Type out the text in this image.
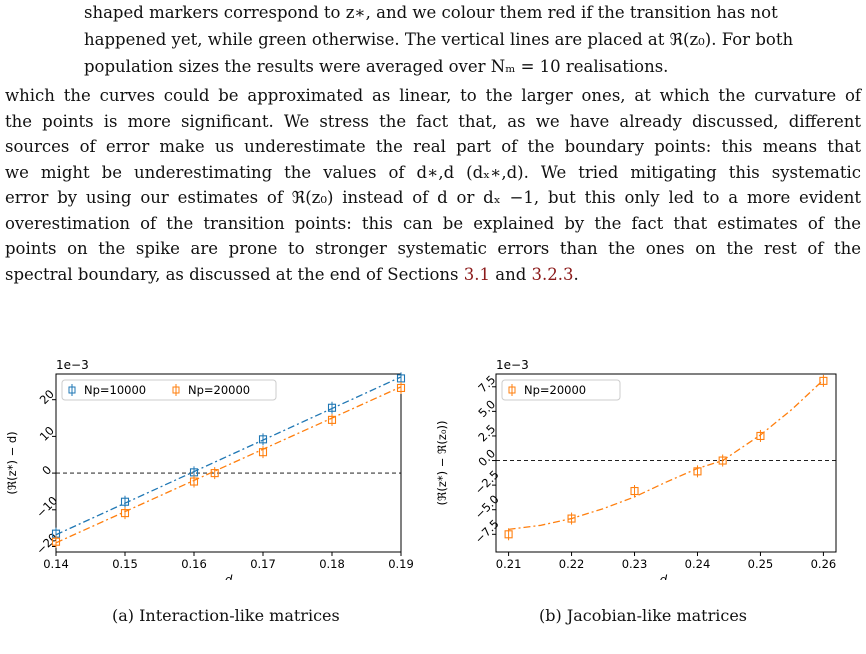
shaped markers correspond to z∗, and we colour them red if the transition has not
happened yet, while green otherwise. The vertical lines are placed at ℜ(z₀). For both
population sizes the results were averaged over Nₘ = 10 realisations.
which the curves could be approximated as linear, to the larger ones, at which the curvature of
the points is more significant. We stress the fact that, as we have already discussed, different
sources of error make us underestimate the real part of the boundary points: this means that
we might be underestimating the values of d∗,d (dₓ∗,d). We tried mitigating this systematic
error by using our estimates of ℜ(z₀) instead of d or dₓ −1, but this only led to a more evident
overestimation of the transition points: this can be explained by the fact that estimates of the
points on the spike are prone to stronger systematic errors than the ones on the rest of the
spectral boundary, as discussed at the end of Sections 3.1 and 3.2.3.
1e−3
0.14	0.15	0.16	0.17	0.18	0.19
−20
−10
0
10
20
d
(ℜ(z*) − d)
Np=10000	Np=20000
1e−3
0.21	0.22	0.23	0.24	0.25	0.26
−7.5
−5.0
−2.5
0.0
2.5
5.0
7.5
dₓ
(ℜ(z*) − ℜ(z₀))
Np=20000
(a) Interaction-like matrices	(b) Jacobian-like matrices
